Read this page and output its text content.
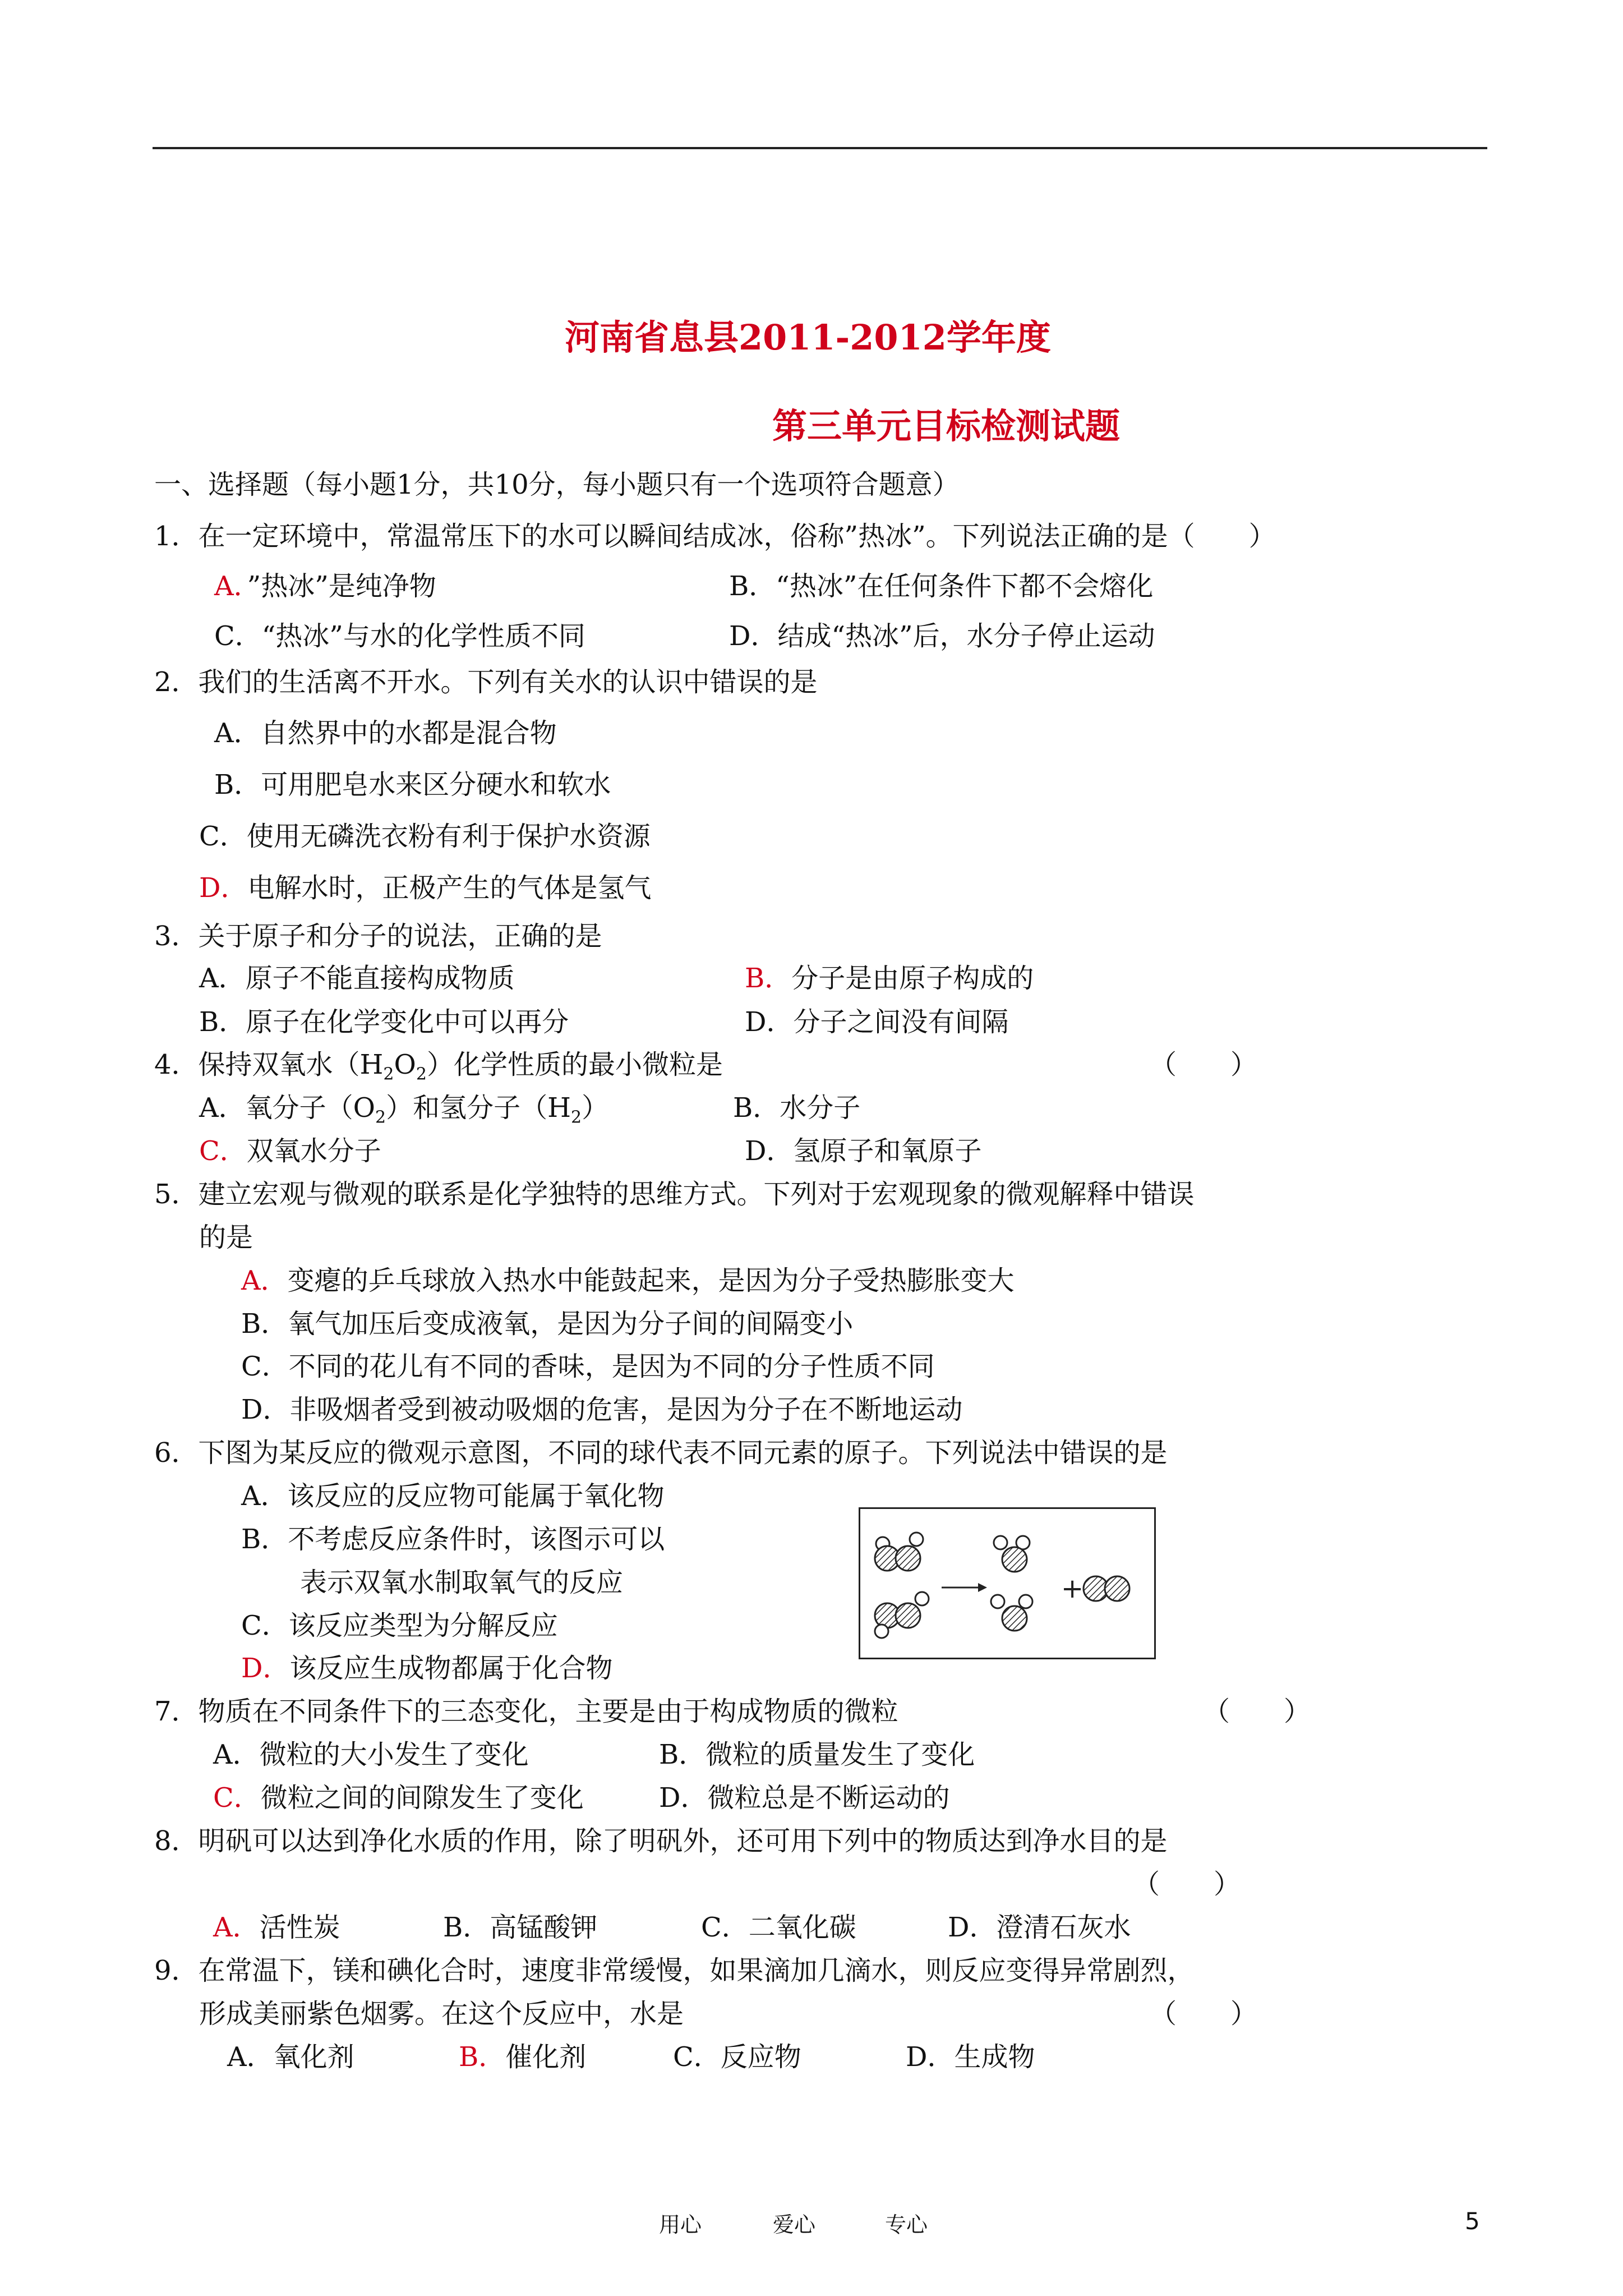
河南省息县2011-2012学年度
第三单元目标检测试题
一、选择题（每小题1分，共10分，每小题只有一个选项符合题意）
1．在一定环境中，常温常压下的水可以瞬间结成冰，俗称”热冰”。下列说法正确的是（　　）
A．”热冰”是纯净物	B．“热冰”在任何条件下都不会熔化
C．“热冰”与水的化学性质不同	D．结成“热冰”后，水分子停止运动
2．我们的生活离不开水。下列有关水的认识中错误的是
A．自然界中的水都是混合物
B．可用肥皂水来区分硬水和软水
C．使用无磷洗衣粉有利于保护水资源
D．电解水时，正极产生的气体是氢气
3．关于原子和分子的说法，正确的是
A．原子不能直接构成物质	B．分子是由原子构成的
B．原子在化学变化中可以再分	D．分子之间没有间隔
4．保持双氧水$(H_2O_2)$化学性质的最小微粒是	（　　）
A．氧分子$(O_2)$和氢分子$(H_2)$	B．水分子
C．双氧水分子	D．氢原子和氧原子
5．建立宏观与微观的联系是化学独特的思维方式。下列对于宏观现象的微观解释中错误
的是
A．变瘪的乒乓球放入热水中能鼓起来，是因为分子受热膨胀变大
B．氧气加压后变成液氧，是因为分子间的间隔变小
C．不同的花儿有不同的香味，是因为不同的分子性质不同
D．非吸烟者受到被动吸烟的危害，是因为分子在不断地运动
6．下图为某反应的微观示意图，不同的球代表不同元素的原子。下列说法中错误的是
A．该反应的反应物可能属于氧化物
B．不考虑反应条件时，该图示可以
表示双氧水制取氧气的反应
C．该反应类型为分解反应
D．该反应生成物都属于化合物
+
7．物质在不同条件下的三态变化，主要是由于构成物质的微粒	（　　）
A．微粒的大小发生了变化	B．微粒的质量发生了变化
C．微粒之间的间隙发生了变化	D．微粒总是不断运动的
8．明矾可以达到净化水质的作用，除了明矾外，还可用下列中的物质达到净水目的是
（　　）
A．活性炭	B．高锰酸钾	C．二氧化碳	D．澄清石灰水
9．在常温下，镁和碘化合时，速度非常缓慢，如果滴加几滴水，则反应变得异常剧烈，
形成美丽紫色烟雾。在这个反应中，水是	（　　）
A．氧化剂	B．催化剂	C．反应物	D．生成物
用心	爱心	专心	5
